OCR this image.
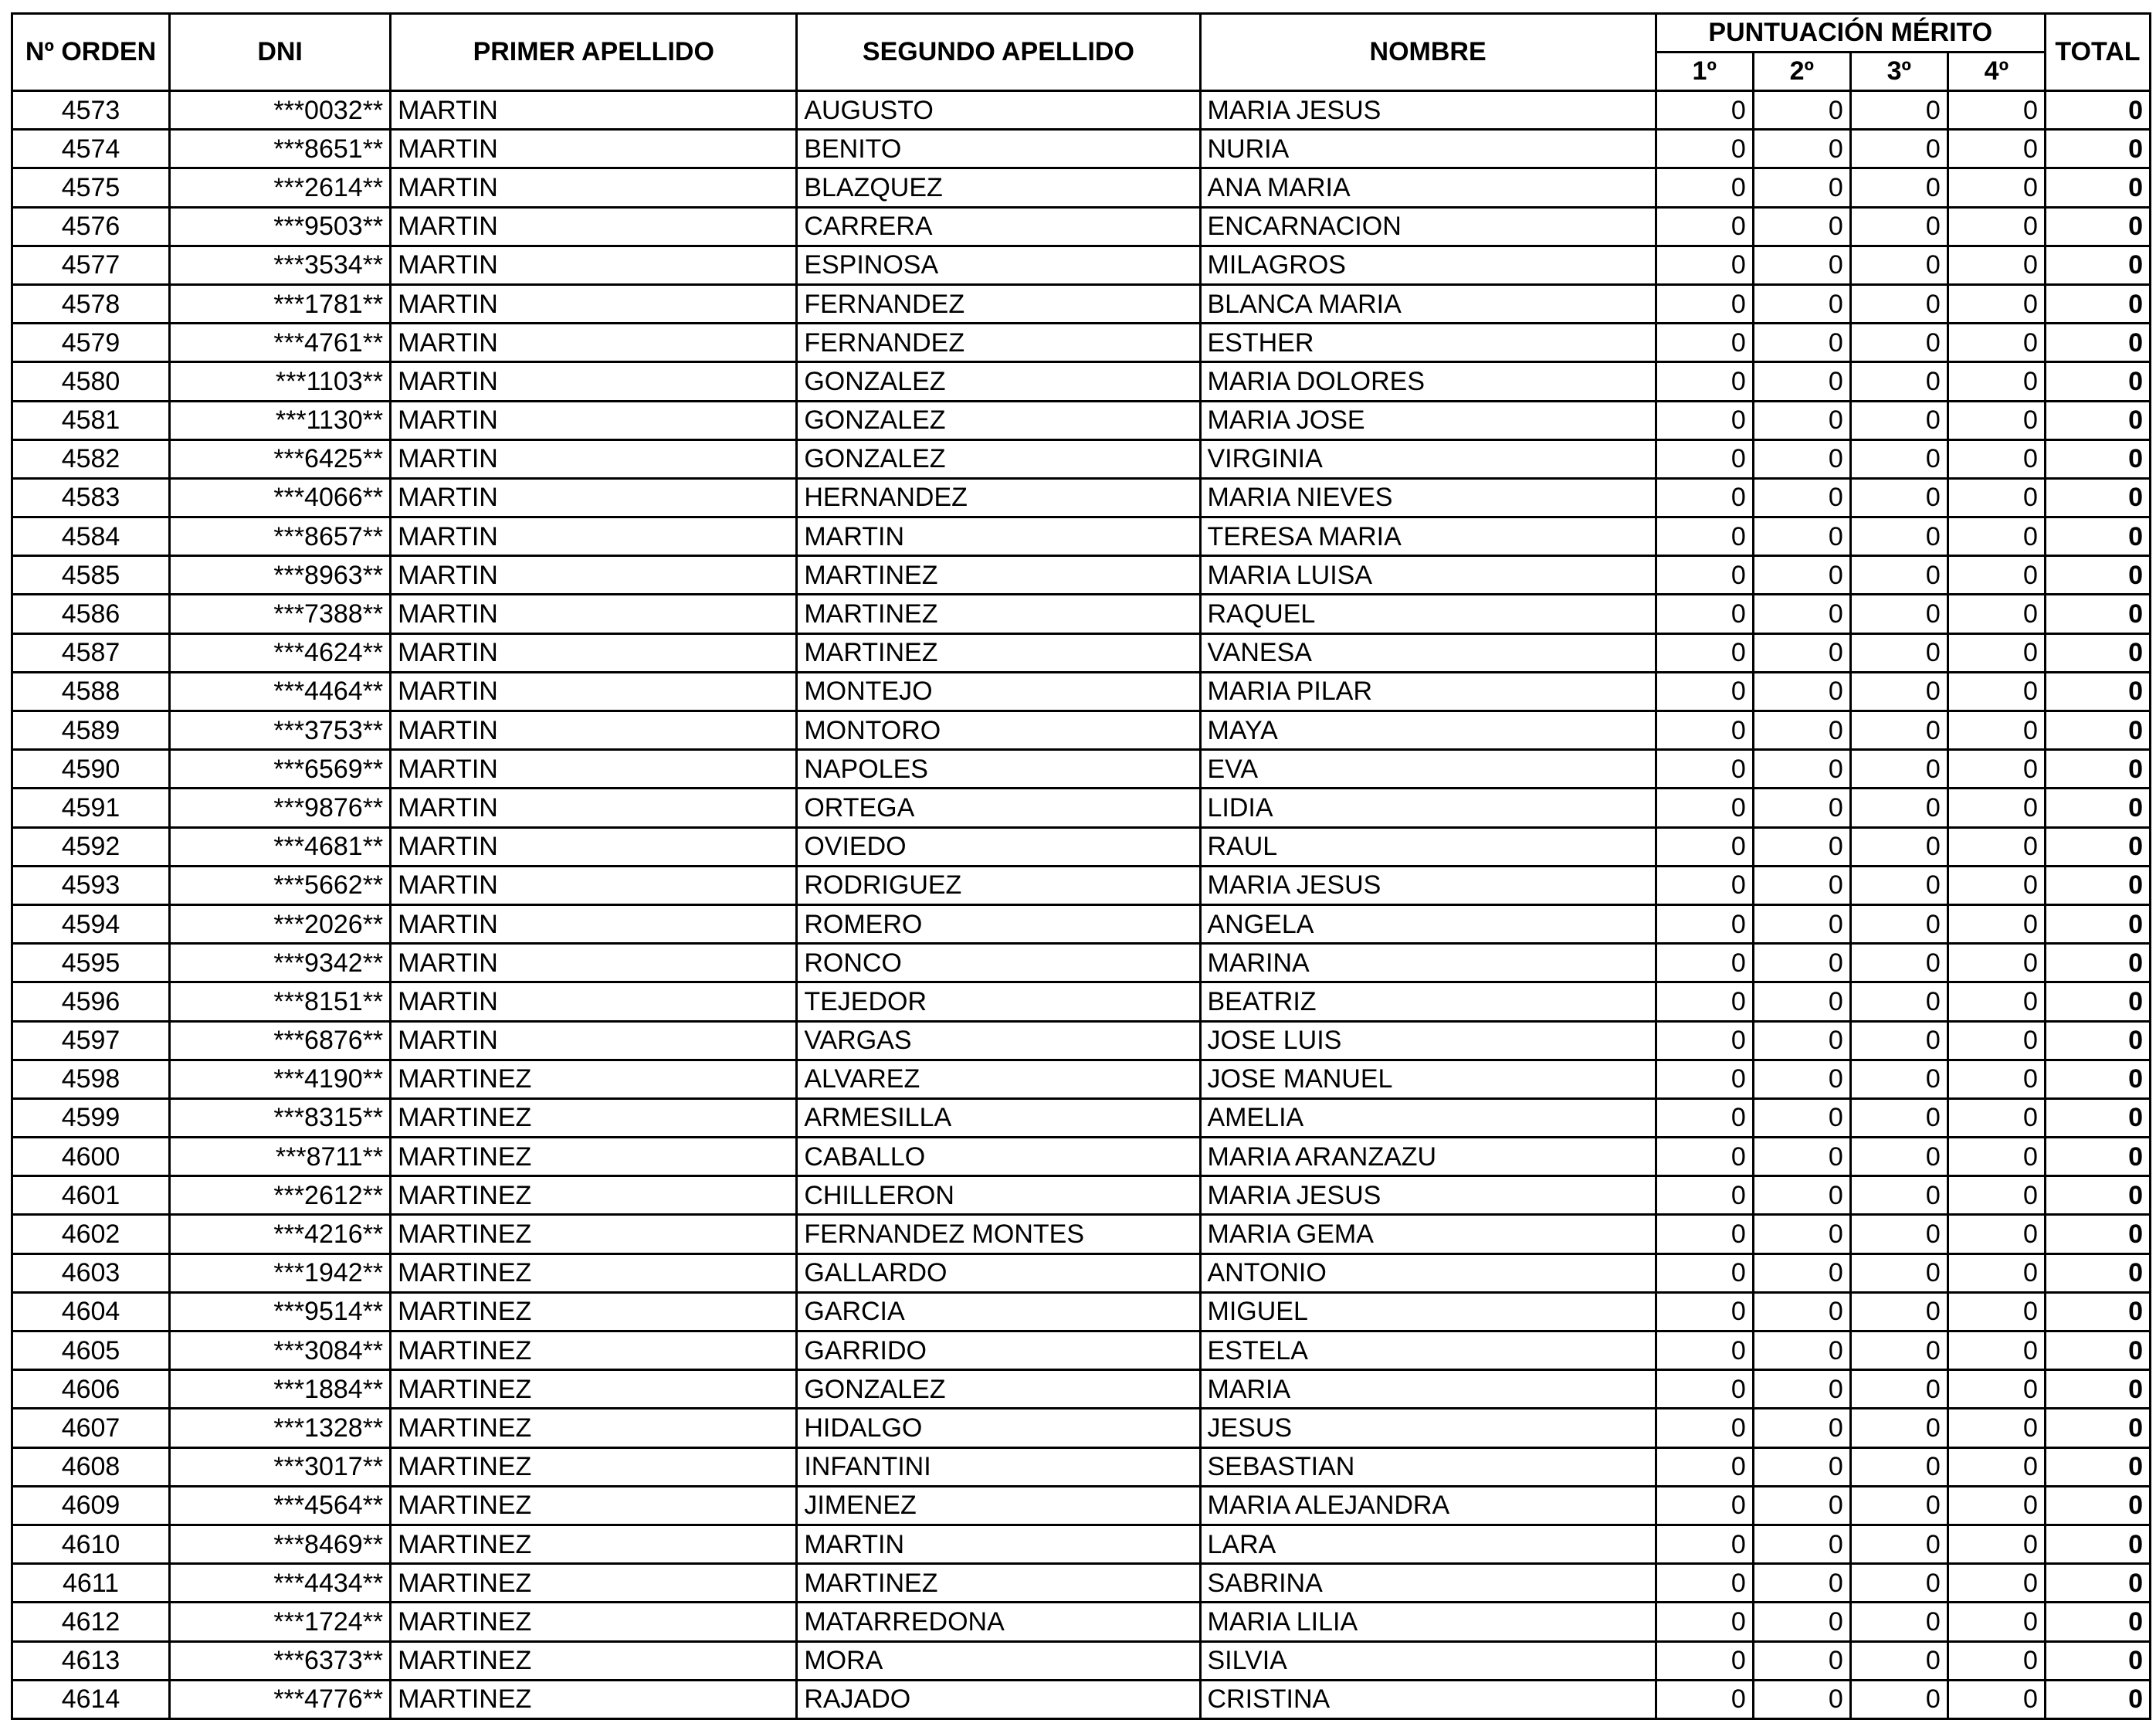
Nº ORDEN	DNI	PRIMER APELLIDO	SEGUNDO APELLIDO	NOMBRE	PUNTUACIÓN MÉRITO				TOTAL
					1º	2º	3º	4º	
4573	***0032**	MARTIN	AUGUSTO	MARIA JESUS	0	0	0	0	0
4574	***8651**	MARTIN	BENITO	NURIA	0	0	0	0	0
4575	***2614**	MARTIN	BLAZQUEZ	ANA MARIA	0	0	0	0	0
4576	***9503**	MARTIN	CARRERA	ENCARNACION	0	0	0	0	0
4577	***3534**	MARTIN	ESPINOSA	MILAGROS	0	0	0	0	0
4578	***1781**	MARTIN	FERNANDEZ	BLANCA MARIA	0	0	0	0	0
4579	***4761**	MARTIN	FERNANDEZ	ESTHER	0	0	0	0	0
4580	***1103**	MARTIN	GONZALEZ	MARIA DOLORES	0	0	0	0	0
4581	***1130**	MARTIN	GONZALEZ	MARIA JOSE	0	0	0	0	0
4582	***6425**	MARTIN	GONZALEZ	VIRGINIA	0	0	0	0	0
4583	***4066**	MARTIN	HERNANDEZ	MARIA NIEVES	0	0	0	0	0
4584	***8657**	MARTIN	MARTIN	TERESA MARIA	0	0	0	0	0
4585	***8963**	MARTIN	MARTINEZ	MARIA LUISA	0	0	0	0	0
4586	***7388**	MARTIN	MARTINEZ	RAQUEL	0	0	0	0	0
4587	***4624**	MARTIN	MARTINEZ	VANESA	0	0	0	0	0
4588	***4464**	MARTIN	MONTEJO	MARIA PILAR	0	0	0	0	0
4589	***3753**	MARTIN	MONTORO	MAYA	0	0	0	0	0
4590	***6569**	MARTIN	NAPOLES	EVA	0	0	0	0	0
4591	***9876**	MARTIN	ORTEGA	LIDIA	0	0	0	0	0
4592	***4681**	MARTIN	OVIEDO	RAUL	0	0	0	0	0
4593	***5662**	MARTIN	RODRIGUEZ	MARIA JESUS	0	0	0	0	0
4594	***2026**	MARTIN	ROMERO	ANGELA	0	0	0	0	0
4595	***9342**	MARTIN	RONCO	MARINA	0	0	0	0	0
4596	***8151**	MARTIN	TEJEDOR	BEATRIZ	0	0	0	0	0
4597	***6876**	MARTIN	VARGAS	JOSE LUIS	0	0	0	0	0
4598	***4190**	MARTINEZ	ALVAREZ	JOSE MANUEL	0	0	0	0	0
4599	***8315**	MARTINEZ	ARMESILLA	AMELIA	0	0	0	0	0
4600	***8711**	MARTINEZ	CABALLO	MARIA ARANZAZU	0	0	0	0	0
4601	***2612**	MARTINEZ	CHILLERON	MARIA JESUS	0	0	0	0	0
4602	***4216**	MARTINEZ	FERNANDEZ MONTES	MARIA GEMA	0	0	0	0	0
4603	***1942**	MARTINEZ	GALLARDO	ANTONIO	0	0	0	0	0
4604	***9514**	MARTINEZ	GARCIA	MIGUEL	0	0	0	0	0
4605	***3084**	MARTINEZ	GARRIDO	ESTELA	0	0	0	0	0
4606	***1884**	MARTINEZ	GONZALEZ	MARIA	0	0	0	0	0
4607	***1328**	MARTINEZ	HIDALGO	JESUS	0	0	0	0	0
4608	***3017**	MARTINEZ	INFANTINI	SEBASTIAN	0	0	0	0	0
4609	***4564**	MARTINEZ	JIMENEZ	MARIA ALEJANDRA	0	0	0	0	0
4610	***8469**	MARTINEZ	MARTIN	LARA	0	0	0	0	0
4611	***4434**	MARTINEZ	MARTINEZ	SABRINA	0	0	0	0	0
4612	***1724**	MARTINEZ	MATARREDONA	MARIA LILIA	0	0	0	0	0
4613	***6373**	MARTINEZ	MORA	SILVIA	0	0	0	0	0
4614	***4776**	MARTINEZ	RAJADO	CRISTINA	0	0	0	0	0
